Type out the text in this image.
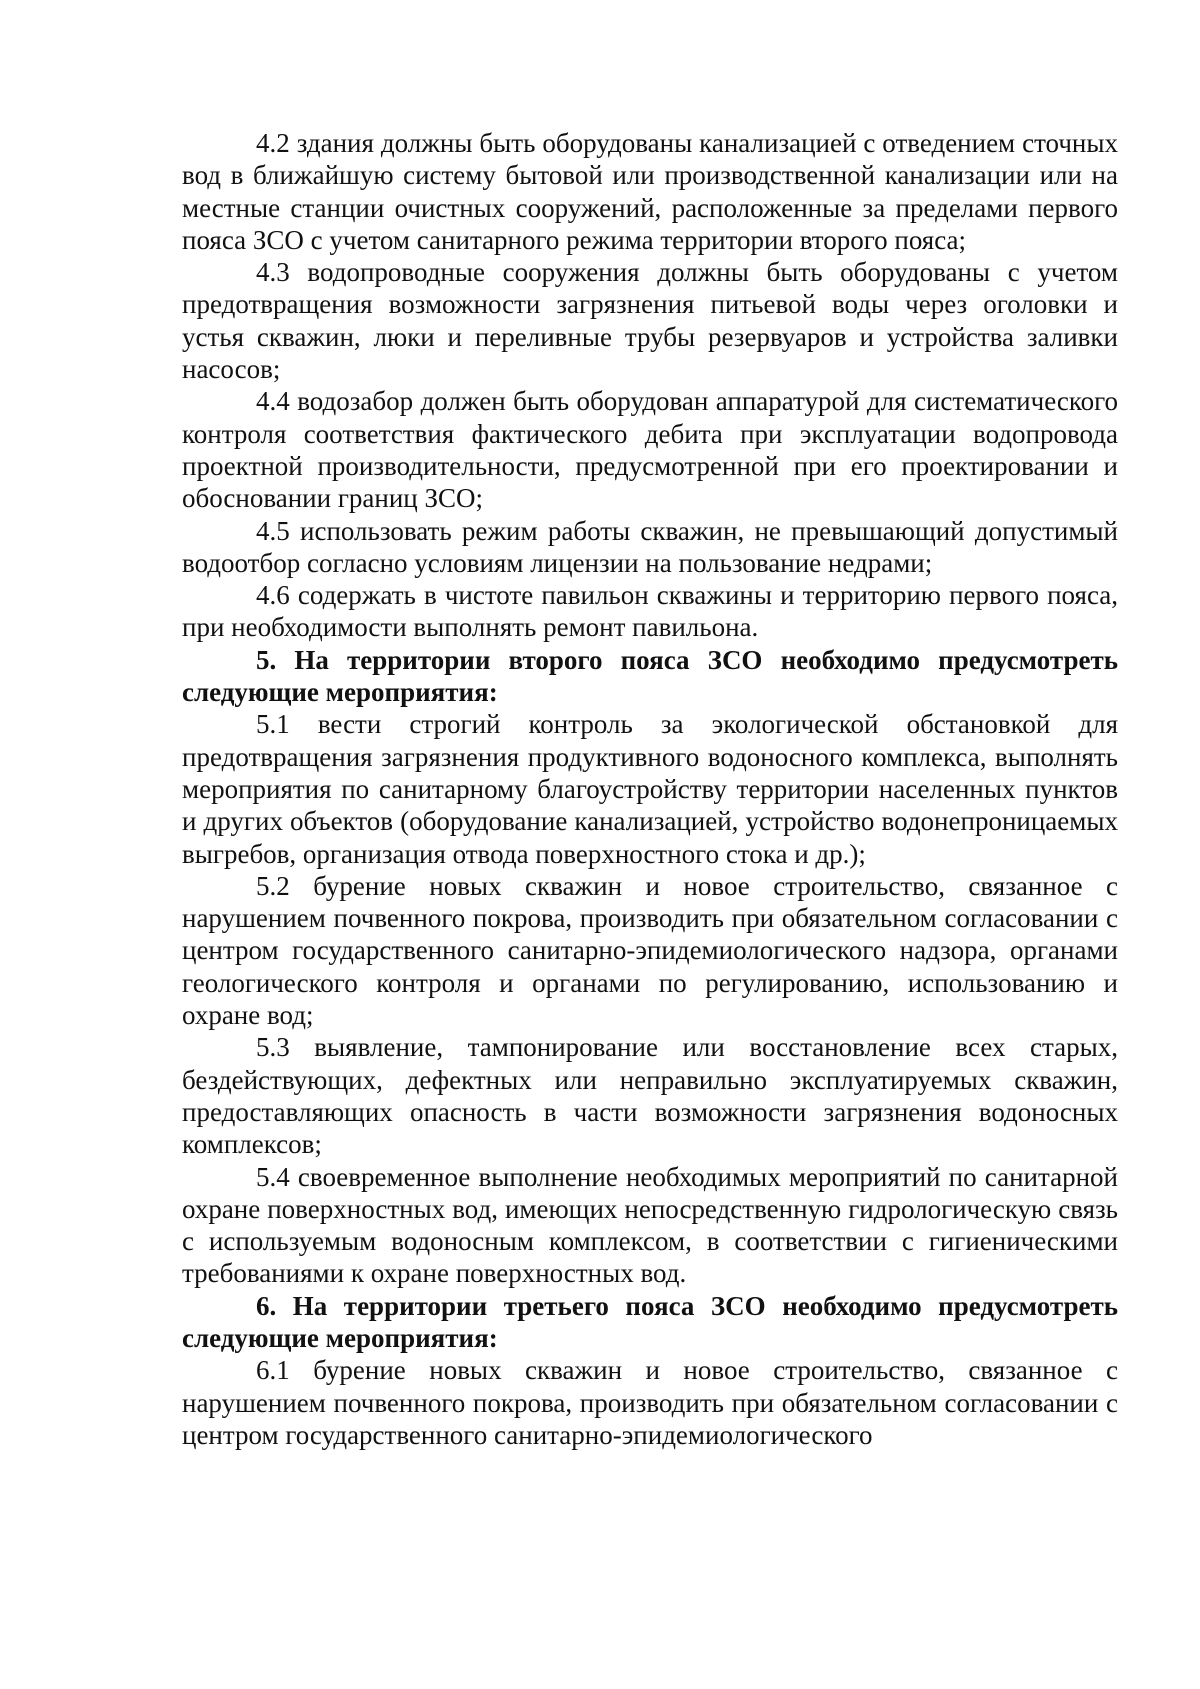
4.2 здания должны быть оборудованы канализацией с отведением сточных вод в ближайшую систему бытовой или производственной канализации или на местные станции очистных сооружений, расположенные за пределами первого пояса ЗСО с учетом санитарного режима территории второго пояса;

4.3 водопроводные сооружения должны быть оборудованы с учетом предотвращения возможности загрязнения питьевой воды через оголовки и устья скважин, люки и переливные трубы резервуаров и устройства заливки насосов;

4.4 водозабор должен быть оборудован аппаратурой для систематического контроля соответствия фактического дебита при эксплуатации водопровода проектной производительности, предусмотренной при его проектировании и обосновании границ ЗСО;

4.5 использовать режим работы скважин, не превышающий допустимый водоотбор согласно условиям лицензии на пользование недрами;

4.6 содержать в чистоте павильон скважины и территорию первого пояса, при необходимости выполнять ремонт павильона.

5. На территории второго пояса ЗСО необходимо предусмотреть следующие мероприятия:

5.1 вести строгий контроль за экологической обстановкой для предотвращения загрязнения продуктивного водоносного комплекса, выполнять мероприятия по санитарному благоустройству территории населенных пунктов и других объектов (оборудование канализацией, устройство водонепроницаемых выгребов, организация отвода поверхностного стока и др.);

5.2 бурение новых скважин и новое строительство, связанное с нарушением почвенного покрова, производить при обязательном согласовании с центром государственного санитарно-эпидемиологического надзора, органами геологического контроля и органами по регулированию, использованию и охране вод;

5.3 выявление, тампонирование или восстановление всех старых, бездействующих, дефектных или неправильно эксплуатируемых скважин, предоставляющих опасность в части возможности загрязнения водоносных комплексов;

5.4 своевременное выполнение необходимых мероприятий по санитарной охране поверхностных вод, имеющих непосредственную гидрологическую связь с используемым водоносным комплексом, в соответствии с гигиеническими требованиями к охране поверхностных вод.

6. На территории третьего пояса ЗСО необходимо предусмотреть следующие мероприятия:

6.1 бурение новых скважин и новое строительство, связанное с нарушением почвенного покрова, производить при обязательном согласовании с центром государственного санитарно-эпидемиологического
